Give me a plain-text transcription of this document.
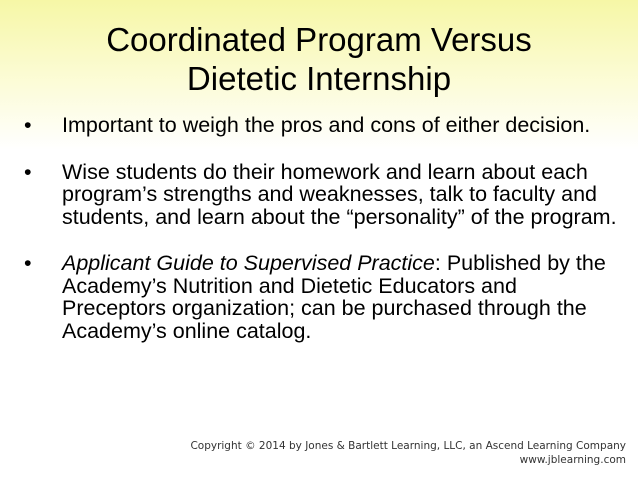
Coordinated Program Versus
Dietetic Internship
• Important to weigh the pros and cons of either decision.
• Wise students do their homework and learn about each program’s strengths and weaknesses, talk to faculty and students, and learn about the “personality” of the program.
• Applicant Guide to Supervised Practice: Published by the Academy’s Nutrition and Dietetic Educators and Preceptors organization; can be purchased through the Academy’s online catalog.
Copyright © 2014 by Jones & Bartlett Learning, LLC, an Ascend Learning Company
www.jblearning.com
